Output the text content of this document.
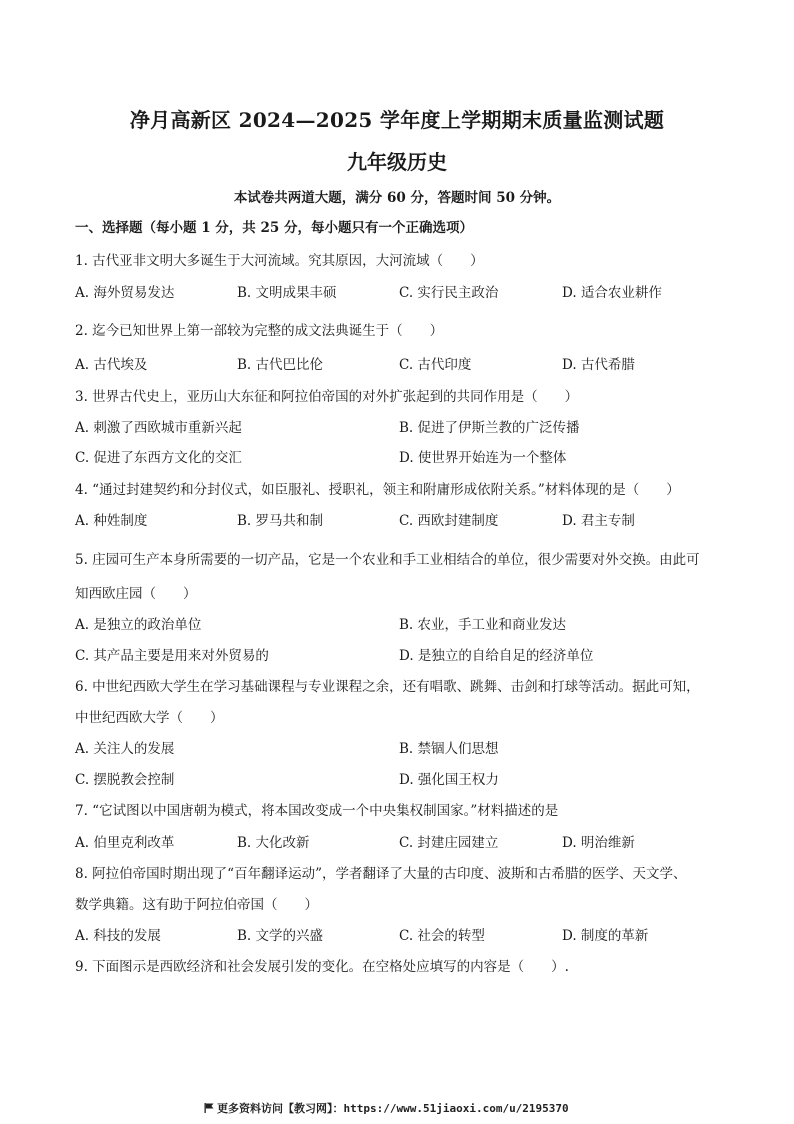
净月高新区 2024—2025 学年度上学期期末质量监测试题
九年级历史
本试卷共两道大题，满分 60 分，答题时间 50 分钟。
一、选择题（每小题 1 分，共 25 分，每小题只有一个正确选项）
1. 古代亚非文明大多诞生于大河流域。究其原因，大河流域（　　）
A. 海外贸易发达	B. 文明成果丰硕	C. 实行民主政治	D. 适合农业耕作
2. 迄今已知世界上第一部较为完整的成文法典诞生于（　　）
A. 古代埃及	B. 古代巴比伦	C. 古代印度	D. 古代希腊
3. 世界古代史上，亚历山大东征和阿拉伯帝国的对外扩张起到的共同作用是（　　）
A. 刺激了西欧城市重新兴起	B. 促进了伊斯兰教的广泛传播
C. 促进了东西方文化的交汇	D. 使世界开始连为一个整体
4. “通过封建契约和分封仪式，如臣服礼、授职礼，领主和附庸形成依附关系。”材料体现的是（　　）
A. 种姓制度	B. 罗马共和制	C. 西欧封建制度	D. 君主专制
5. 庄园可生产本身所需要的一切产品，它是一个农业和手工业相结合的单位，很少需要对外交换。由此可
知西欧庄园（　　）
A. 是独立的政治单位	B. 农业，手工业和商业发达
C. 其产品主要是用来对外贸易的	D. 是独立的自给自足的经济单位
6. 中世纪西欧大学生在学习基础课程与专业课程之余，还有唱歌、跳舞、击剑和打球等活动。据此可知，
中世纪西欧大学（　　）
A. 关注人的发展	B. 禁锢人们思想
C. 摆脱教会控制	D. 强化国王权力
7. “它试图以中国唐朝为模式，将本国改变成一个中央集权制国家。”材料描述的是
A. 伯里克利改革	B. 大化改新	C. 封建庄园建立	D. 明治维新
8. 阿拉伯帝国时期出现了“百年翻译运动”，学者翻译了大量的古印度、波斯和古希腊的医学、天文学、
数学典籍。这有助于阿拉伯帝国（　　）
A. 科技的发展	B. 文学的兴盛	C. 社会的转型	D. 制度的革新
9. 下面图示是西欧经济和社会发展引发的变化。在空格处应填写的内容是（　　）.
更多资料访问【教习网】：https://www.51jiaoxi.com/u/2195370
